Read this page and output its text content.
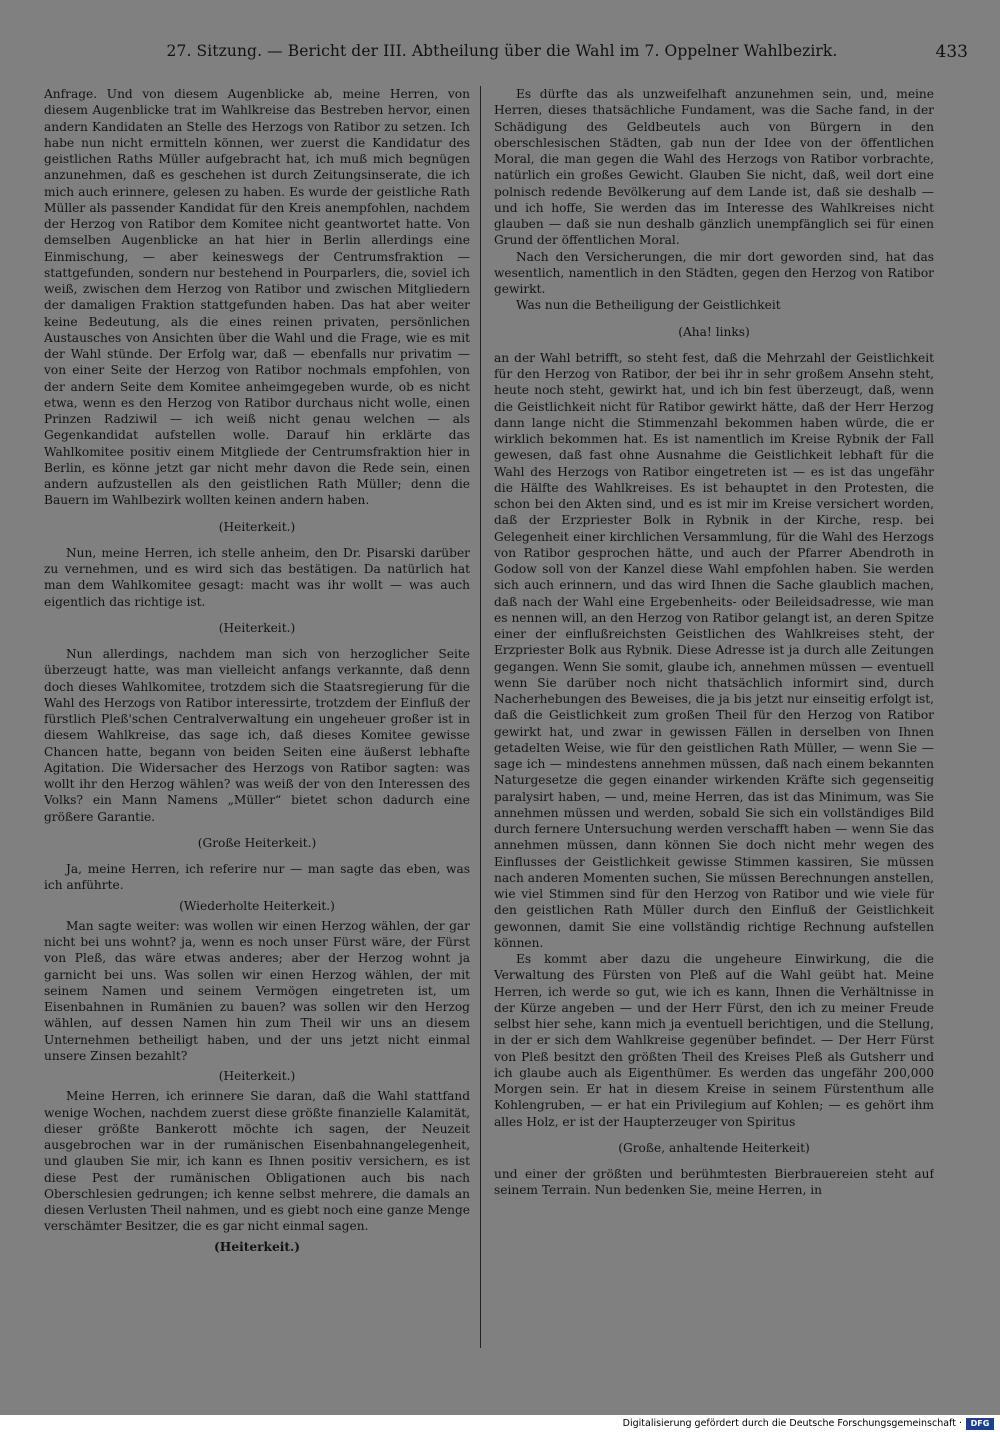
27. Sitzung. — Bericht der III. Abtheilung über die Wahl im 7. Oppelner Wahlbezirk.	433

Anfrage. Und von diesem Augenblicke ab, meine Herren, von diesem Augenblicke trat im Wahlkreise das Bestreben hervor, einen andern Kandidaten an Stelle des Herzogs von Ratibor zu setzen. Ich habe nun nicht ermitteln können, wer zuerst die Kandidatur des geistlichen Raths Müller aufgebracht hat, ich muß mich begnügen anzunehmen, daß es geschehen ist durch Zeitungsinserate, die ich mich auch erinnere, gelesen zu haben. Es wurde der geistliche Rath Müller als passender Kandidat für den Kreis anempfohlen, nachdem der Herzog von Ratibor dem Komitee nicht geantwortet hatte. Von demselben Augenblicke an hat hier in Berlin allerdings eine Einmischung, — aber keineswegs der Centrumsfraktion — stattgefunden, sondern nur bestehend in Pourparlers, die, soviel ich weiß, zwischen dem Herzog von Ratibor und zwischen Mitgliedern der damaligen Fraktion stattgefunden haben. Das hat aber weiter keine Bedeutung, als die eines reinen privaten, persönlichen Austausches von Ansichten über die Wahl und die Frage, wie es mit der Wahl stünde. Der Erfolg war, daß — ebenfalls nur privatim — von einer Seite der Herzog von Ratibor nochmals empfohlen, von der andern Seite dem Komitee anheimgegeben wurde, ob es nicht etwa, wenn es den Herzog von Ratibor durchaus nicht wolle, einen Prinzen Radziwil — ich weiß nicht genau welchen — als Gegenkandidat aufstellen wolle. Darauf hin erklärte das Wahlkomitee positiv einem Mitgliede der Centrumsfraktion hier in Berlin, es könne jetzt gar nicht mehr davon die Rede sein, einen andern aufzustellen als den geistlichen Rath Müller; denn die Bauern im Wahlbezirk wollten keinen andern haben.

(Heiterkeit.)

Nun, meine Herren, ich stelle anheim, den Dr. Pisarski darüber zu vernehmen, und es wird sich das bestätigen. Da natürlich hat man dem Wahlkomitee gesagt: macht was ihr wollt — was auch eigentlich das richtige ist.

(Heiterkeit.)

Nun allerdings, nachdem man sich von herzoglicher Seite überzeugt hatte, was man vielleicht anfangs verkannte, daß denn doch dieses Wahlkomitee, trotzdem sich die Staatsregierung für die Wahl des Herzogs von Ratibor interessirte, trotzdem der Einfluß der fürstlich Pleß'schen Centralverwaltung ein ungeheuer großer ist in diesem Wahlkreise, das sage ich, daß dieses Komitee gewisse Chancen hatte, begann von beiden Seiten eine äußerst lebhafte Agitation. Die Widersacher des Herzogs von Ratibor sagten: was wollt ihr den Herzog wählen? was weiß der von den Interessen des Volks? ein Mann Namens „Müller“ bietet schon dadurch eine größere Garantie.

(Große Heiterkeit.)

Ja, meine Herren, ich referire nur — man sagte das eben, was ich anführte.

(Wiederholte Heiterkeit.)

Man sagte weiter: was wollen wir einen Herzog wählen, der gar nicht bei uns wohnt? ja, wenn es noch unser Fürst wäre, der Fürst von Pleß, das wäre etwas anderes; aber der Herzog wohnt ja garnicht bei uns. Was sollen wir einen Herzog wählen, der mit seinem Namen und seinem Vermögen eingetreten ist, um Eisenbahnen in Rumänien zu bauen? was sollen wir den Herzog wählen, auf dessen Namen hin zum Theil wir uns an diesem Unternehmen betheiligt haben, und der uns jetzt nicht einmal unsere Zinsen bezahlt?

(Heiterkeit.)

Meine Herren, ich erinnere Sie daran, daß die Wahl stattfand wenige Wochen, nachdem zuerst diese größte finanzielle Kalamität, dieser größte Bankerott möchte ich sagen, der Neuzeit ausgebrochen war in der rumänischen Eisenbahnangelegenheit, und glauben Sie mir, ich kann es Ihnen positiv versichern, es ist diese Pest der rumänischen Obligationen auch bis nach Oberschlesien gedrungen; ich kenne selbst mehrere, die damals an diesen Verlusten Theil nahmen, und es giebt noch eine ganze Menge verschämter Besitzer, die es gar nicht einmal sagen.

(Heiterkeit.)

Es dürfte das als unzweifelhaft anzunehmen sein, und, meine Herren, dieses thatsächliche Fundament, was die Sache fand, in der Schädigung des Geldbeutels auch von Bürgern in den oberschlesischen Städten, gab nun der Idee von der öffentlichen Moral, die man gegen die Wahl des Herzogs von Ratibor vorbrachte, natürlich ein großes Gewicht. Glauben Sie nicht, daß, weil dort eine polnisch redende Bevölkerung auf dem Lande ist, daß sie deshalb — und ich hoffe, Sie werden das im Interesse des Wahlkreises nicht glauben — daß sie nun deshalb gänzlich unempfänglich sei für einen Grund der öffentlichen Moral.

Nach den Versicherungen, die mir dort geworden sind, hat das wesentlich, namentlich in den Städten, gegen den Herzog von Ratibor gewirkt.

Was nun die Betheiligung der Geistlichkeit

(Aha! links)

an der Wahl betrifft, so steht fest, daß die Mehrzahl der Geistlichkeit für den Herzog von Ratibor, der bei ihr in sehr großem Ansehn steht, heute noch steht, gewirkt hat, und ich bin fest überzeugt, daß, wenn die Geistlichkeit nicht für Ratibor gewirkt hätte, daß der Herr Herzog dann lange nicht die Stimmenzahl bekommen haben würde, die er wirklich bekommen hat. Es ist namentlich im Kreise Rybnik der Fall gewesen, daß fast ohne Ausnahme die Geistlichkeit lebhaft für die Wahl des Herzogs von Ratibor eingetreten ist — es ist das ungefähr die Hälfte des Wahlkreises. Es ist behauptet in den Protesten, die schon bei den Akten sind, und es ist mir im Kreise versichert worden, daß der Erzpriester Bolk in Rybnik in der Kirche, resp. bei Gelegenheit einer kirchlichen Versammlung, für die Wahl des Herzogs von Ratibor gesprochen hätte, und auch der Pfarrer Abendroth in Godow soll von der Kanzel diese Wahl empfohlen haben. Sie werden sich auch erinnern, und das wird Ihnen die Sache glaublich machen, daß nach der Wahl eine Ergebenheits- oder Beileidsadresse, wie man es nennen will, an den Herzog von Ratibor gelangt ist, an deren Spitze einer der einflußreichsten Geistlichen des Wahlkreises steht, der Erzpriester Bolk aus Rybnik. Diese Adresse ist ja durch alle Zeitungen gegangen. Wenn Sie somit, glaube ich, annehmen müssen — eventuell wenn Sie darüber noch nicht thatsächlich informirt sind, durch Nacherhebungen des Beweises, die ja bis jetzt nur einseitig erfolgt ist, daß die Geistlichkeit zum großen Theil für den Herzog von Ratibor gewirkt hat, und zwar in gewissen Fällen in derselben von Ihnen getadelten Weise, wie für den geistlichen Rath Müller, — wenn Sie — sage ich — mindestens annehmen müssen, daß nach einem bekannten Naturgesetze die gegen einander wirkenden Kräfte sich gegenseitig paralysirt haben, — und, meine Herren, das ist das Minimum, was Sie annehmen müssen und werden, sobald Sie sich ein vollständiges Bild durch fernere Untersuchung werden verschafft haben — wenn Sie das annehmen müssen, dann können Sie doch nicht mehr wegen des Einflusses der Geistlichkeit gewisse Stimmen kassiren, Sie müssen nach anderen Momenten suchen, Sie müssen Berechnungen anstellen, wie viel Stimmen sind für den Herzog von Ratibor und wie viele für den geistlichen Rath Müller durch den Einfluß der Geistlichkeit gewonnen, damit Sie eine vollständig richtige Rechnung aufstellen können.

Es kommt aber dazu die ungeheure Einwirkung, die die Verwaltung des Fürsten von Pleß auf die Wahl geübt hat. Meine Herren, ich werde so gut, wie ich es kann, Ihnen die Verhältnisse in der Kürze angeben — und der Herr Fürst, den ich zu meiner Freude selbst hier sehe, kann mich ja eventuell berichtigen, und die Stellung, in der er sich dem Wahlkreise gegenüber befindet. — Der Herr Fürst von Pleß besitzt den größten Theil des Kreises Pleß als Gutsherr und ich glaube auch als Eigenthümer. Es werden das ungefähr 200,000 Morgen sein. Er hat in diesem Kreise in seinem Fürstenthum alle Kohlengruben, — er hat ein Privilegium auf Kohlen; — es gehört ihm alles Holz, er ist der Haupterzeuger von Spiritus

(Große, anhaltende Heiterkeit)

und einer der größten und berühmtesten Bierbrauereien steht auf seinem Terrain. Nun bedenken Sie, meine Herren, in

Digitalisierung gefördert durch die Deutsche Forschungsgemeinschaft ·	DFG
